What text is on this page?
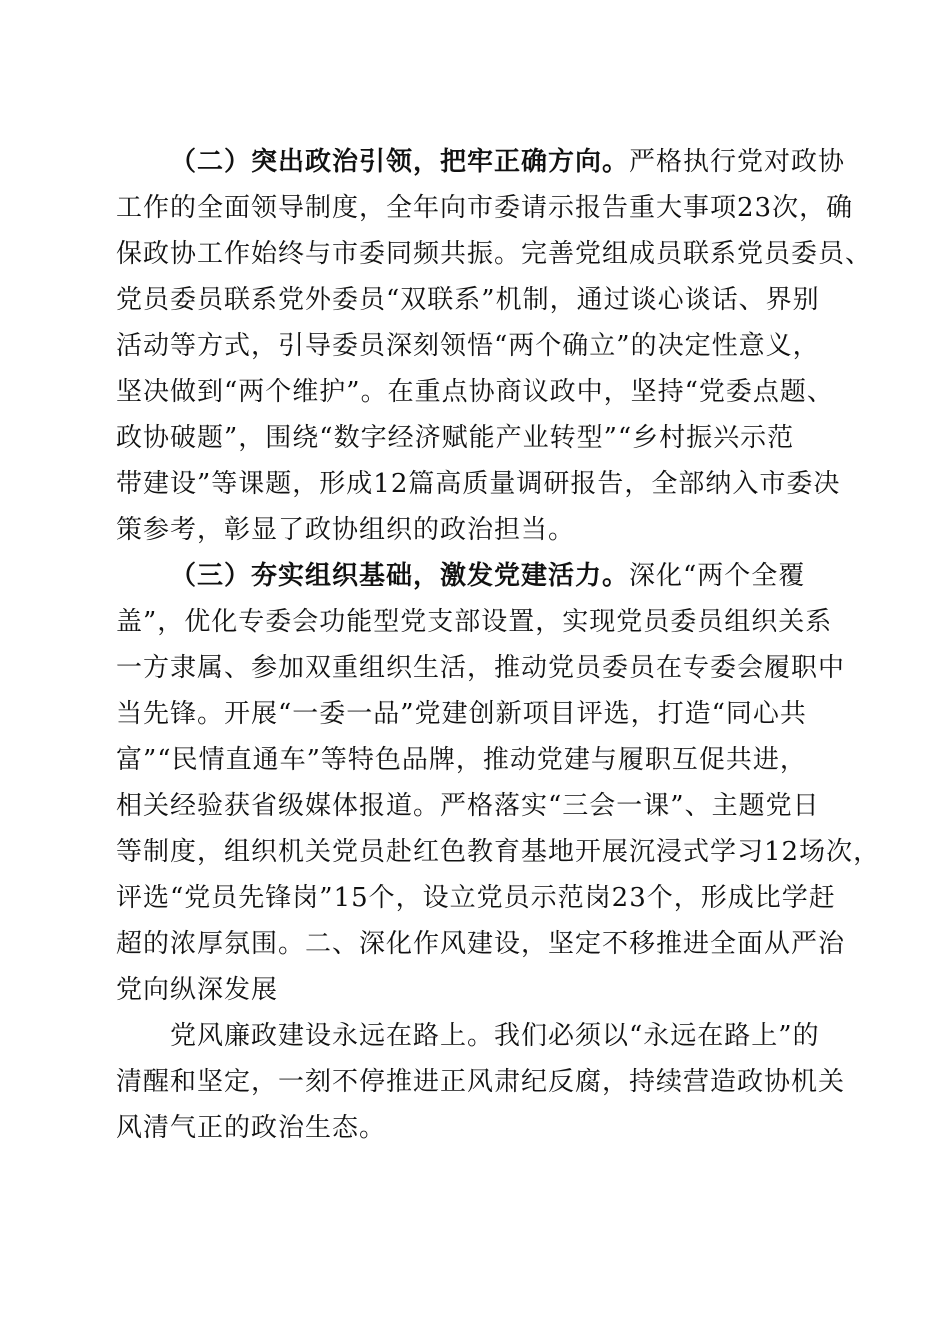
（二）突出政治引领，把牢正确方向。严格执行党对政协
工作的全面领导制度，全年向市委请示报告重大事项23次，确
保政协工作始终与市委同频共振。完善党组成员联系党员委员、
党员委员联系党外委员“双联系”机制，通过谈心谈话、界别
活动等方式，引导委员深刻领悟“两个确立”的决定性意义，
坚决做到“两个维护”。在重点协商议政中，坚持“党委点题、
政协破题”，围绕“数字经济赋能产业转型”“乡村振兴示范
带建设”等课题，形成12篇高质量调研报告，全部纳入市委决
策参考，彰显了政协组织的政治担当。
（三）夯实组织基础，激发党建活力。深化“两个全覆
盖”，优化专委会功能型党支部设置，实现党员委员组织关系
一方隶属、参加双重组织生活，推动党员委员在专委会履职中
当先锋。开展“一委一品”党建创新项目评选，打造“同心共
富”“民情直通车”等特色品牌，推动党建与履职互促共进，
相关经验获省级媒体报道。严格落实“三会一课”、主题党日
等制度，组织机关党员赴红色教育基地开展沉浸式学习12场次，
评选“党员先锋岗”15个，设立党员示范岗23个，形成比学赶
超的浓厚氛围。二、深化作风建设，坚定不移推进全面从严治
党向纵深发展
党风廉政建设永远在路上。我们必须以“永远在路上”的
清醒和坚定，一刻不停推进正风肃纪反腐，持续营造政协机关
风清气正的政治生态。
